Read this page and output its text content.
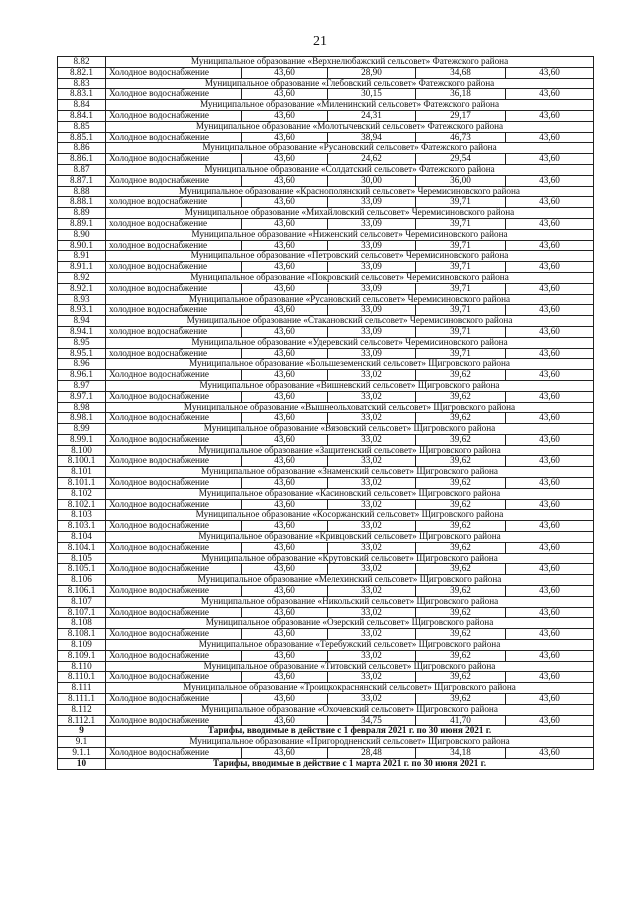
21
8.82	Муниципальное образование «Верхнелюбажский сельсовет» Фатежского района				
8.82.1	Холодное водоснабжение	43,60	28,90	34,68	43,60
8.83	Муниципальное образование «Глебовский сельсовет» Фатежского района				
8.83.1	Холодное водоснабжение	43,60	30,15	36,18	43,60
8.84	Муниципальное образование «Миленинский сельсовет» Фатежского района				
8.84.1	Холодное водоснабжение	43,60	24,31	29,17	43,60
8.85	Муниципальное образование «Молотычевский сельсовет» Фатежского района				
8.85.1	Холодное водоснабжение	43,60	38,94	46,73	43,60
8.86	Муниципальное образование «Русановский сельсовет» Фатежского района				
8.86.1	Холодное водоснабжение	43,60	24,62	29,54	43,60
8.87	Муниципальное образование «Солдатский сельсовет» Фатежского района				
8.87.1	Холодное водоснабжение	43,60	30,00	36,00	43,60
8.88	Муниципальное образование «Краснополянский сельсовет» Черемисиновского района				
8.88.1	холодное водоснабжение	43,60	33,09	39,71	43,60
8.89	Муниципальное образование «Михайловский сельсовет» Черемисиновского района				
8.89.1	холодное водоснабжение	43,60	33,09	39,71	43,60
8.90	Муниципальное образование «Ниженский сельсовет» Черемисиновского района				
8.90.1	холодное водоснабжение	43,60	33,09	39,71	43,60
8.91	Муниципальное образование «Петровский сельсовет» Черемисиновского района				
8.91.1	холодное водоснабжение	43,60	33,09	39,71	43,60
8.92	Муниципальное образование «Покровский сельсовет» Черемисиновского района				
8.92.1	холодное водоснабжение	43,60	33,09	39,71	43,60
8.93	Муниципальное образование «Русановский сельсовет» Черемисиновского района				
8.93.1	холодное водоснабжение	43,60	33,09	39,71	43,60
8.94	Муниципальное образование «Стакановский сельсовет» Черемисиновского района				
8.94.1	холодное водоснабжение	43,60	33,09	39,71	43,60
8.95	Муниципальное образование «Удеревский сельсовет» Черемисиновского района				
8.95.1	холодное водоснабжение	43,60	33,09	39,71	43,60
8.96	Муниципальное образование «Большеземенский сельсовет» Щигровского района				
8.96.1	Холодное водоснабжение	43,60	33,02	39,62	43,60
8.97	Муниципальное образование «Вишневский сельсовет» Щигровского района				
8.97.1	Холодное водоснабжение	43,60	33,02	39,62	43,60
8.98	Муниципальное образование «Вышнеольховатский сельсовет» Щигровского района				
8.98.1	Холодное водоснабжение	43,60	33,02	39,62	43,60
8.99	Муниципальное образование «Вязовский сельсовет» Щигровского района				
8.99.1	Холодное водоснабжение	43,60	33,02	39,62	43,60
8.100	Муниципальное образование «Защитенский сельсовет» Щигровского района				
8.100.1	Холодное водоснабжение	43,60	33,02	39,62	43,60
8.101	Муниципальное образование «Знаменский сельсовет» Щигровского района				
8.101.1	Холодное водоснабжение	43,60	33,02	39,62	43,60
8.102	Муниципальное образование «Касиновский сельсовет» Щигровского района				
8.102.1	Холодное водоснабжение	43,60	33,02	39,62	43,60
8.103	Муниципальное образование «Косоржанский сельсовет» Щигровского района				
8.103.1	Холодное водоснабжение	43,60	33,02	39,62	43,60
8.104	Муниципальное образование «Кривцовский сельсовет» Щигровского района				
8.104.1	Холодное водоснабжение	43,60	33,02	39,62	43,60
8.105	Муниципальное образование «Крутовский сельсовет» Щигровского района				
8.105.1	Холодное водоснабжение	43,60	33,02	39,62	43,60
8.106	Муниципальное образование «Мелехинский сельсовет» Щигровского района				
8.106.1	Холодное водоснабжение	43,60	33,02	39,62	43,60
8.107	Муниципальное образование «Никольский сельсовет» Щигровского района				
8.107.1	Холодное водоснабжение	43,60	33,02	39,62	43,60
8.108	Муниципальное образование «Озерский сельсовет» Щигровского района				
8.108.1	Холодное водоснабжение	43,60	33,02	39,62	43,60
8.109	Муниципальное образование «Теребужский сельсовет» Щигровского района				
8.109.1	Холодное водоснабжение	43,60	33,02	39,62	43,60
8.110	Муниципальное образование «Титовский сельсовет» Щигровского района				
8.110.1	Холодное водоснабжение	43,60	33,02	39,62	43,60
8.111	Муниципальное образование «Троицкокраснянский сельсовет» Щигровского района				
8.111.1	Холодное водоснабжение	43,60	33,02	39,62	43,60
8.112	Муниципальное образование «Охочевский сельсовет» Щигровского района				
8.112.1	Холодное водоснабжение	43,60	34,75	41,70	43,60
9	Тарифы, вводимые в действие с 1 февраля 2021 г. по 30 июня 2021 г.				
9.1	Муниципальное образование «Пригородненский сельсовет» Щигровского района				
9.1.1	Холодное водоснабжение	43,60	28,48	34,18	43,60
10	Тарифы, вводимые в действие с 1 марта 2021 г. по 30 июня 2021 г.				
